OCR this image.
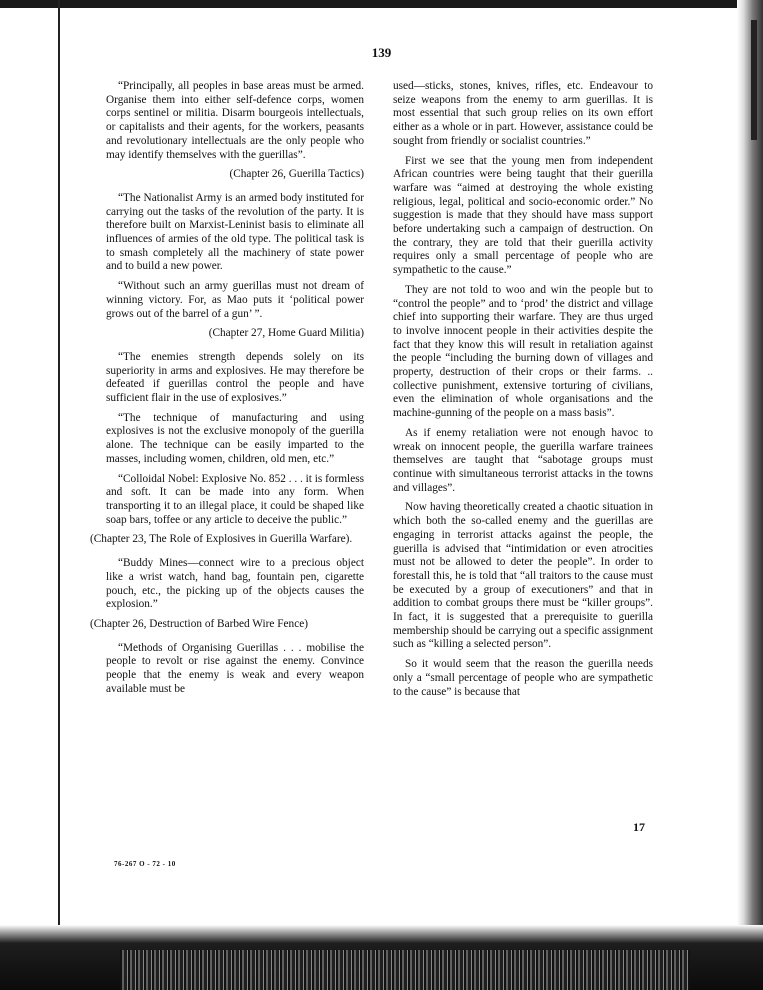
139

“Principally, all peoples in base areas must be armed. Organise them into either self-defence corps, women corps sentinel or militia. Disarm bourgeois intellectuals, or capitalists and their agents, for the workers, peasants and revolutionary intellectuals are the only people who may identify themselves with the guerillas”.

(Chapter 26, Guerilla Tactics)

“The Nationalist Army is an armed body instituted for carrying out the tasks of the revolution of the party. It is therefore built on Marxist-Leninist basis to eliminate all influences of armies of the old type. The political task is to smash completely all the machinery of state power and to build a new power.

“Without such an army guerillas must not dream of winning victory. For, as Mao puts it ‘political power grows out of the barrel of a gun’ ”.

(Chapter 27, Home Guard Militia)

“The enemies strength depends solely on its superiority in arms and explosives. He may therefore be defeated if guerillas control the people and have sufficient flair in the use of explosives.”

“The technique of manufacturing and using explosives is not the exclusive monopoly of the guerilla alone. The technique can be easily imparted to the masses, including women, children, old men, etc.”

“Colloidal Nobel: Explosive No. 852 . . . it is formless and soft. It can be made into any form. When transporting it to an illegal place, it could be shaped like soap bars, toffee or any article to deceive the public.”

(Chapter 23, The Role of Explosives in Guerilla Warfare).

“Buddy Mines—connect wire to a precious object like a wrist watch, hand bag, fountain pen, cigarette pouch, etc., the picking up of the objects causes the explosion.”

(Chapter 26, Destruction of Barbed Wire Fence)

“Methods of Organising Guerillas . . . mobilise the people to revolt or rise against the enemy. Convince people that the enemy is weak and every weapon available must be

used—sticks, stones, knives, rifles, etc. Endeavour to seize weapons from the enemy to arm guerillas. It is most essential that such group relies on its own effort either as a whole or in part. However, assistance could be sought from friendly or socialist countries.”

First we see that the young men from independent African countries were being taught that their guerilla warfare was “aimed at destroying the whole existing religious, legal, political and socio-economic order.” No suggestion is made that they should have mass support before undertaking such a campaign of destruction. On the contrary, they are told that their guerilla activity requires only a small percentage of people who are sympathetic to the cause.”

They are not told to woo and win the people but to “control the people” and to ‘prod’ the district and village chief into supporting their warfare. They are thus urged to involve innocent people in their activities despite the fact that they know this will result in retaliation against the people “including the burning down of villages and property, destruction of their crops or their farms. .. collective punishment, extensive torturing of civilians, even the elimination of whole organisations and the machine-gunning of the people on a mass basis”.

As if enemy retaliation were not enough havoc to wreak on innocent people, the guerilla warfare trainees themselves are taught that “sabotage groups must continue with simultaneous terrorist attacks in the towns and villages”.

Now having theoretically created a chaotic situation in which both the so-called enemy and the guerillas are engaging in terrorist attacks against the people, the guerilla is advised that “intimidation or even atrocities must not be allowed to deter the people”. In order to forestall this, he is told that “all traitors to the cause must be executed by a group of executioners” and that in addition to combat groups there must be “killer groups”. In fact, it is suggested that a prerequisite to guerilla membership should be carrying out a specific assignment such as “killing a selected person”.

So it would seem that the reason the guerilla needs only a “small percentage of people who are sympathetic to the cause” is because that

17
76-267 O - 72 - 10
